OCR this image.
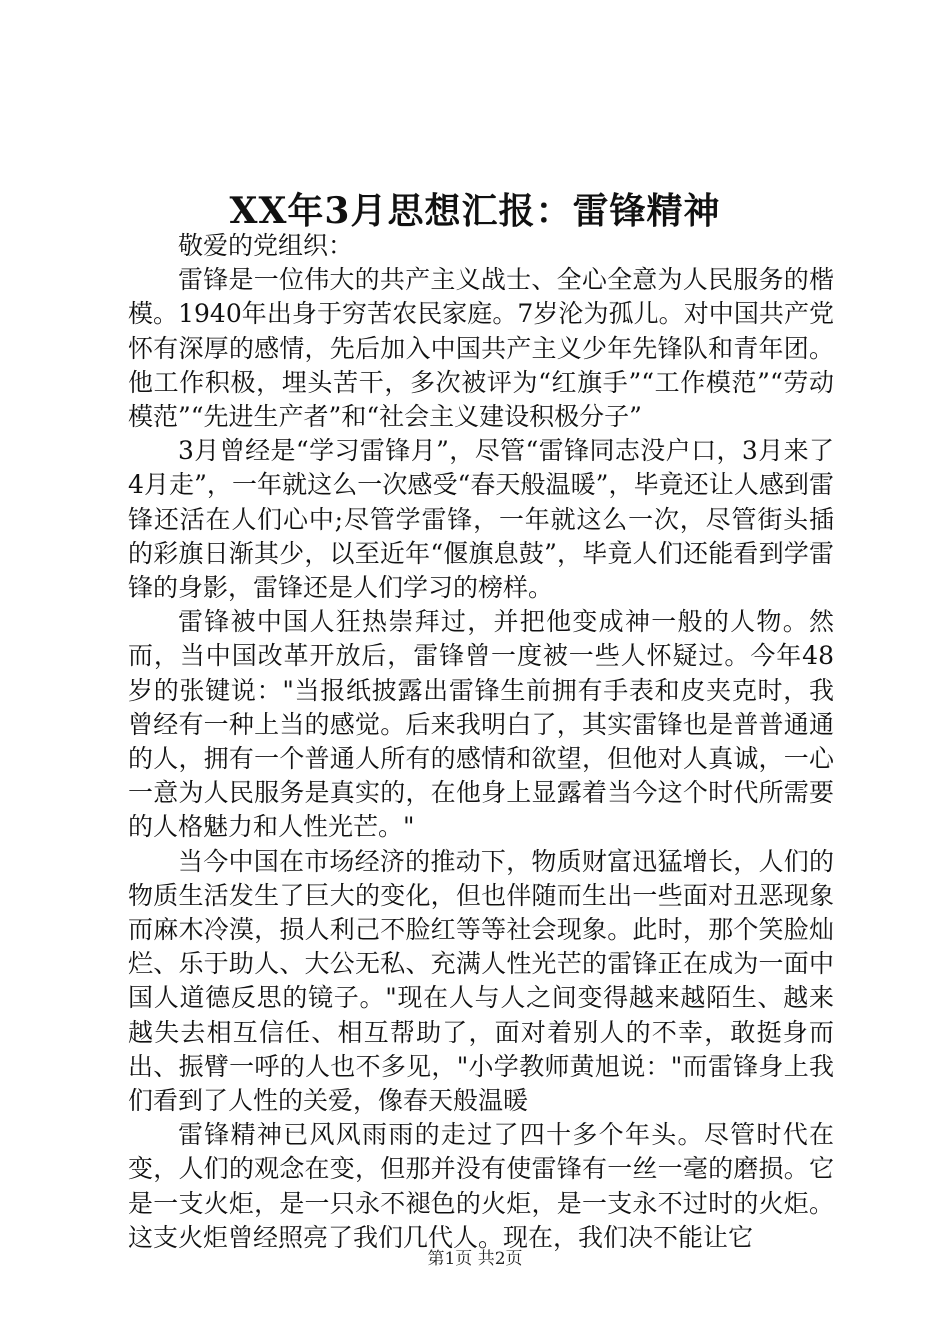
XX年3月思想汇报：雷锋精神

敬爱的党组织：

雷锋是一位伟大的共产主义战士、全心全意为人民服务的楷模。1940年出身于穷苦农民家庭。7岁沦为孤儿。对中国共产党怀有深厚的感情，先后加入中国共产主义少年先锋队和青年团。他工作积极，埋头苦干，多次被评为“红旗手”“工作模范”“劳动模范”“先进生产者”和“社会主义建设积极分子”

3月曾经是“学习雷锋月”，尽管“雷锋同志没户口，3月来了4月走”，一年就这么一次感受“春天般温暖”，毕竟还让人感到雷锋还活在人们心中;尽管学雷锋，一年就这么一次，尽管街头插的彩旗日渐其少，以至近年“偃旗息鼓”，毕竟人们还能看到学雷锋的身影，雷锋还是人们学习的榜样。

雷锋被中国人狂热崇拜过，并把他变成神一般的人物。然而，当中国改革开放后，雷锋曾一度被一些人怀疑过。今年48岁的张键说："当报纸披露出雷锋生前拥有手表和皮夹克时，我曾经有一种上当的感觉。后来我明白了，其实雷锋也是普普通通的人，拥有一个普通人所有的感情和欲望，但他对人真诚，一心一意为人民服务是真实的，在他身上显露着当今这个时代所需要的人格魅力和人性光芒。"

当今中国在市场经济的推动下，物质财富迅猛增长，人们的物质生活发生了巨大的变化，但也伴随而生出一些面对丑恶现象而麻木冷漠，损人利己不脸红等等社会现象。此时，那个笑脸灿烂、乐于助人、大公无私、充满人性光芒的雷锋正在成为一面中国人道德反思的镜子。"现在人与人之间变得越来越陌生、越来越失去相互信任、相互帮助了，面对着别人的不幸，敢挺身而出、振臂一呼的人也不多见，"小学教师黄旭说："而雷锋身上我们看到了人性的关爱，像春天般温暖

雷锋精神已风风雨雨的走过了四十多个年头。尽管时代在变，人们的观念在变，但那并没有使雷锋有一丝一毫的磨损。它是一支火炬，是一只永不褪色的火炬，是一支永不过时的火炬。这支火炬曾经照亮了我们几代人。现在，我们决不能让它

第1页 共2页
